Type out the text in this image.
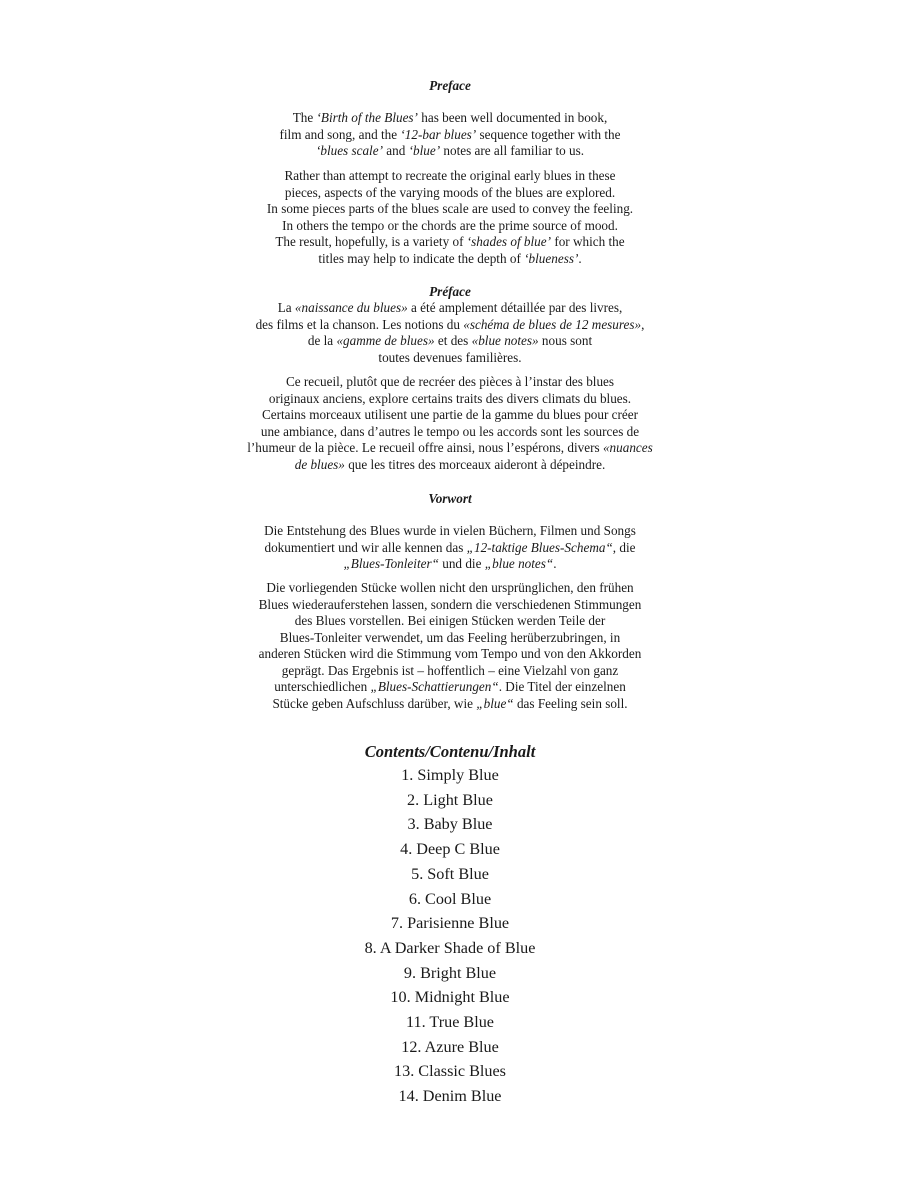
Preface

The ‘Birth of the Blues’ has been well documented in book,
film and song, and the ‘12-bar blues’ sequence together with the
‘blues scale’ and ‘blue’ notes are all familiar to us.

Rather than attempt to recreate the original early blues in these
pieces, aspects of the varying moods of the blues are explored.
In some pieces parts of the blues scale are used to convey the feeling.
In others the tempo or the chords are the prime source of mood.
The result, hopefully, is a variety of ‘shades of blue’ for which the
titles may help to indicate the depth of ‘blueness’.

Préface

La «naissance du blues» a été amplement détaillée par des livres,
des films et la chanson. Les notions du «schéma de blues de 12 mesures»,
de la «gamme de blues» et des «blue notes» nous sont
toutes devenues familières.

Ce recueil, plutôt que de recréer des pièces à l’instar des blues
originaux anciens, explore certains traits des divers climats du blues.
Certains morceaux utilisent une partie de la gamme du blues pour créer
une ambiance, dans d’autres le tempo ou les accords sont les sources de
l’humeur de la pièce. Le recueil offre ainsi, nous l’espérons, divers «nuances
de blues» que les titres des morceaux aideront à dépeindre.

Vorwort

Die Entstehung des Blues wurde in vielen Büchern, Filmen und Songs
dokumentiert und wir alle kennen das „12-taktige Blues-Schema“, die
„Blues-Tonleiter“ und die „blue notes“.

Die vorliegenden Stücke wollen nicht den ursprünglichen, den frühen
Blues wiederauferstehen lassen, sondern die verschiedenen Stimmungen
des Blues vorstellen. Bei einigen Stücken werden Teile der
Blues-Tonleiter verwendet, um das Feeling herüberzubringen, in
anderen Stücken wird die Stimmung vom Tempo und von den Akkorden
geprägt. Das Ergebnis ist – hoffentlich – eine Vielzahl von ganz
unterschiedlichen „Blues-Schattierungen“. Die Titel der einzelnen
Stücke geben Aufschluss darüber, wie „blue“ das Feeling sein soll.

Contents/Contenu/Inhalt
1. Simply Blue
2. Light Blue
3. Baby Blue
4. Deep C Blue
5. Soft Blue
6. Cool Blue
7. Parisienne Blue
8. A Darker Shade of Blue
9. Bright Blue
10. Midnight Blue
11. True Blue
12. Azure Blue
13. Classic Blues
14. Denim Blue
